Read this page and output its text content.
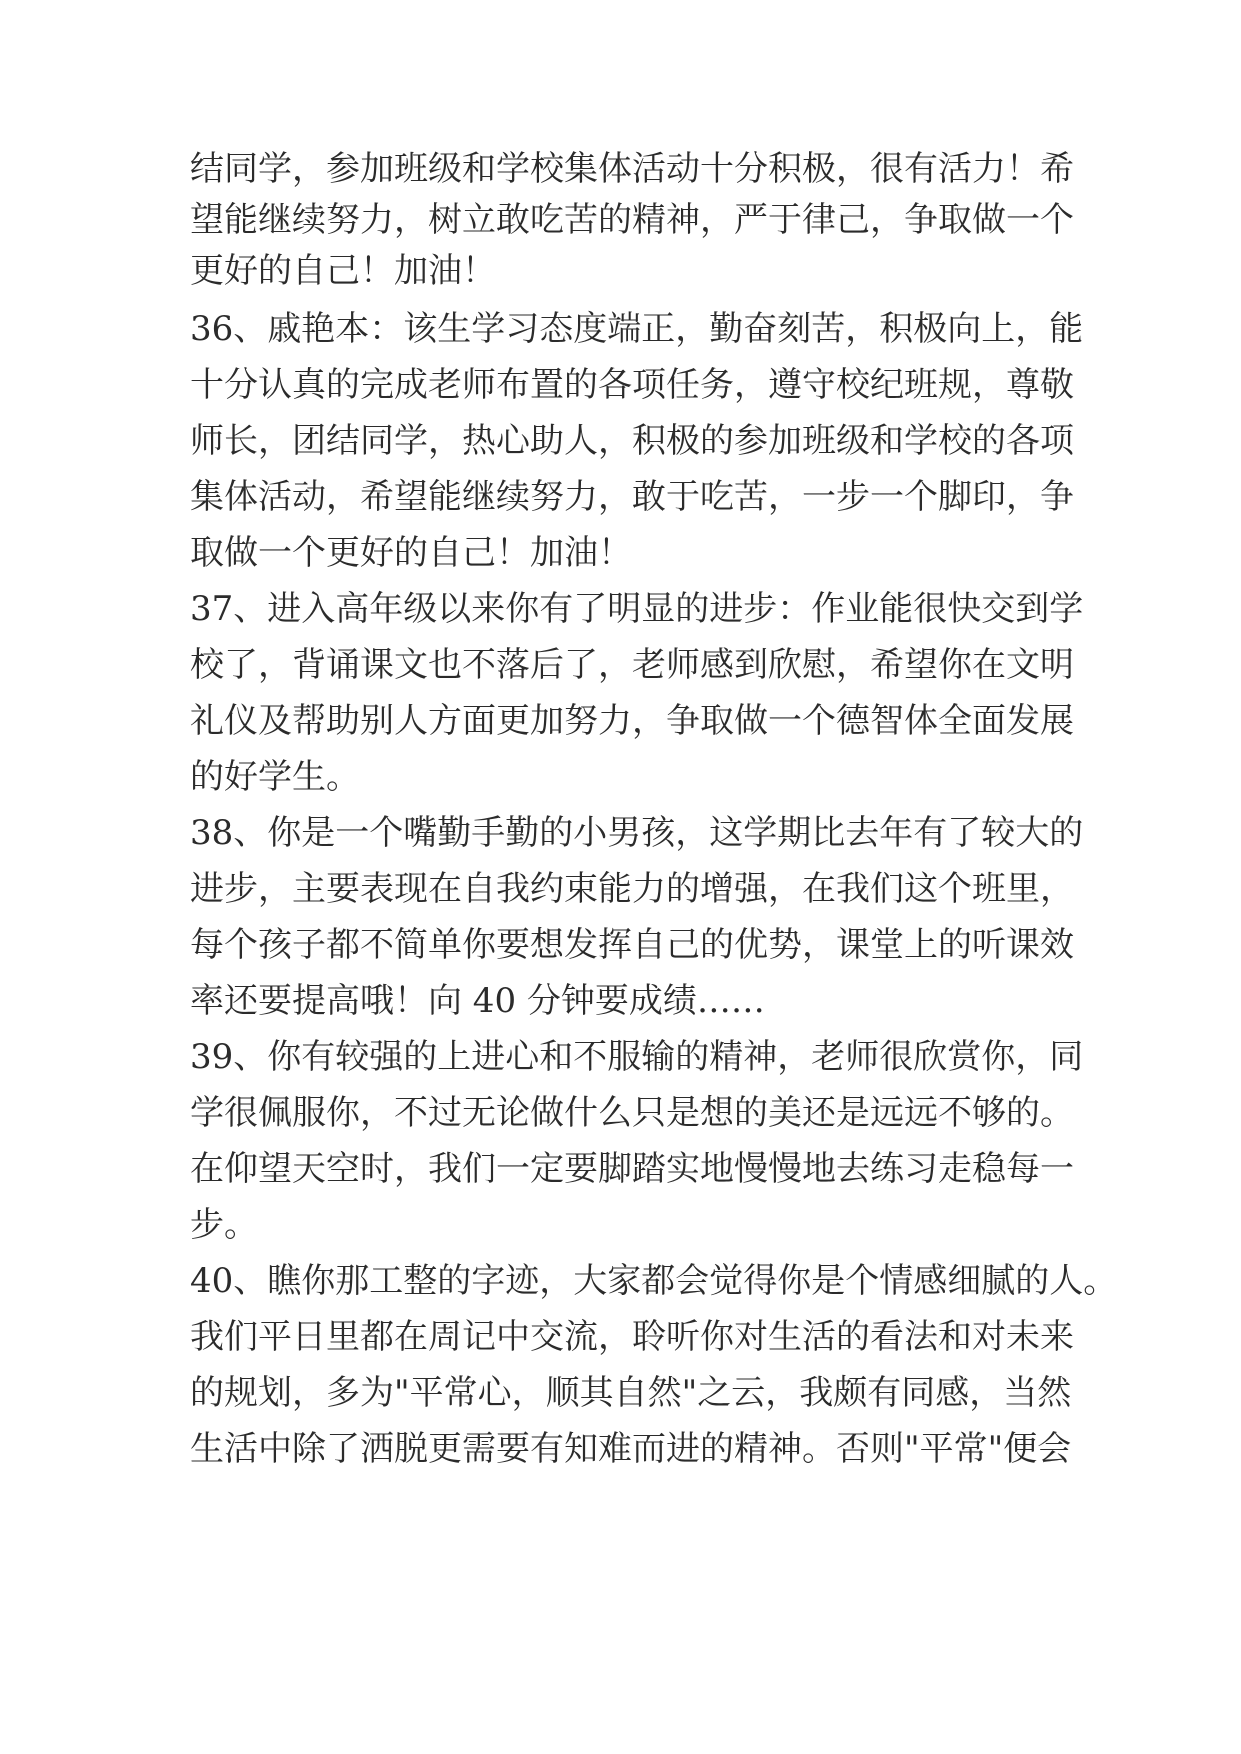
结同学，参加班级和学校集体活动十分积极，很有活力！希

望能继续努力，树立敢吃苦的精神，严于律己，争取做一个

更好的自己！加油！

36、戚艳本：该生学习态度端正，勤奋刻苦，积极向上，能

十分认真的完成老师布置的各项任务，遵守校纪班规，尊敬

师长，团结同学，热心助人，积极的参加班级和学校的各项

集体活动，希望能继续努力，敢于吃苦，一步一个脚印，争

取做一个更好的自己！加油！

37、进入高年级以来你有了明显的进步：作业能很快交到学

校了，背诵课文也不落后了，老师感到欣慰，希望你在文明

礼仪及帮助别人方面更加努力，争取做一个德智体全面发展

的好学生。

38、你是一个嘴勤手勤的小男孩，这学期比去年有了较大的

进步，主要表现在自我约束能力的增强，在我们这个班里，

每个孩子都不简单你要想发挥自己的优势，课堂上的听课效

率还要提高哦！向 40 分钟要成绩……

39、你有较强的上进心和不服输的精神，老师很欣赏你，同

学很佩服你，不过无论做什么只是想的美还是远远不够的。

在仰望天空时，我们一定要脚踏实地慢慢地去练习走稳每一

步。

40、瞧你那工整的字迹，大家都会觉得你是个情感细腻的人。

我们平日里都在周记中交流，聆听你对生活的看法和对未来

的规划，多为"平常心，顺其自然"之云，我颇有同感，当然

生活中除了洒脱更需要有知难而进的精神。否则"平常"便会
